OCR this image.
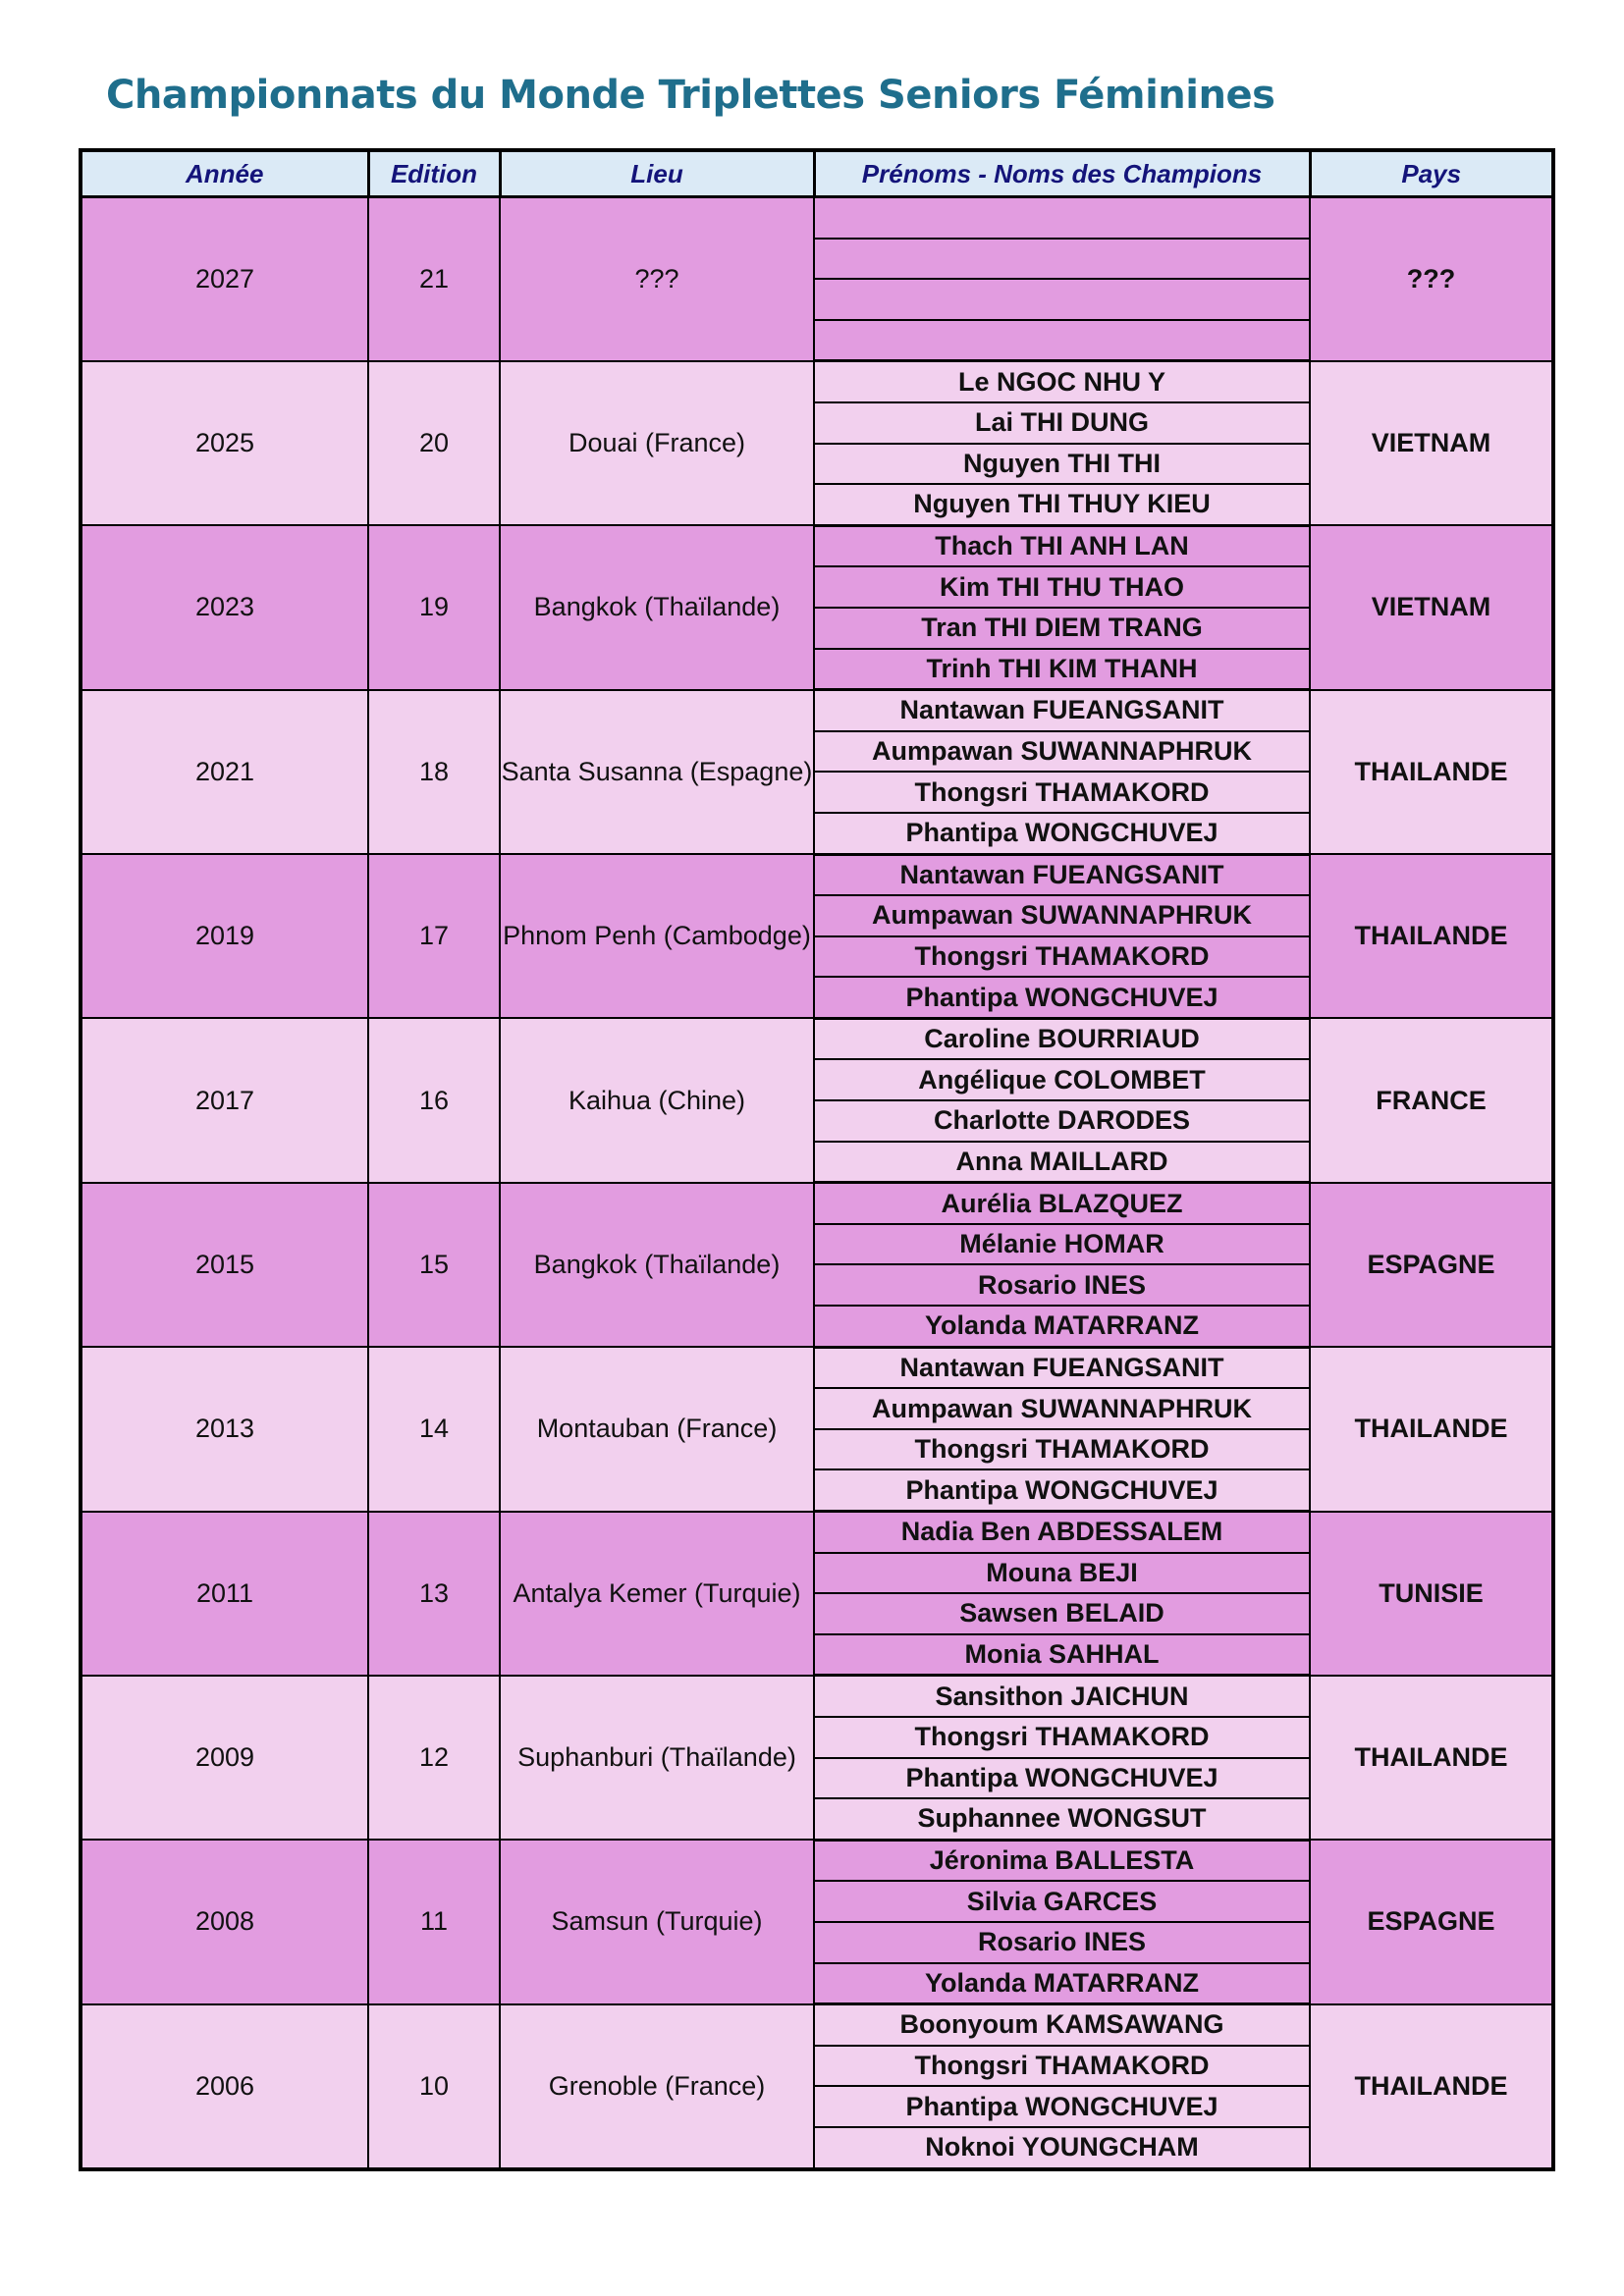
Championnats du Monde Triplettes Seniors Féminines
Année	Edition	Lieu	Prénoms - Noms des Champions	Pays
2027	21	???		???

2025	20	Douai (France)	Le NGOC NHU Y	VIETNAM
			Lai THI DUNG	
			Nguyen THI THI	
			Nguyen THI THUY KIEU	
2023	19	Bangkok (Thaïlande)	Thach THI ANH LAN	VIETNAM
			Kim THI THU THAO	
			Tran THI DIEM TRANG	
			Trinh THI KIM THANH	
2021	18	Santa Susanna (Espagne)	Nantawan FUEANGSANIT	THAILANDE
			Aumpawan SUWANNAPHRUK	
			Thongsri THAMAKORD	
			Phantipa WONGCHUVEJ	
2019	17	Phnom Penh (Cambodge)	Nantawan FUEANGSANIT	THAILANDE
			Aumpawan SUWANNAPHRUK	
			Thongsri THAMAKORD	
			Phantipa WONGCHUVEJ	
2017	16	Kaihua (Chine)	Caroline BOURRIAUD	FRANCE
			Angélique COLOMBET	
			Charlotte DARODES	
			Anna MAILLARD	
2015	15	Bangkok (Thaïlande)	Aurélia BLAZQUEZ	ESPAGNE
			Mélanie HOMAR	
			Rosario INES	
			Yolanda MATARRANZ	
2013	14	Montauban (France)	Nantawan FUEANGSANIT	THAILANDE
			Aumpawan SUWANNAPHRUK	
			Thongsri THAMAKORD	
			Phantipa WONGCHUVEJ	
2011	13	Antalya Kemer (Turquie)	Nadia Ben ABDESSALEM	TUNISIE
			Mouna BEJI	
			Sawsen BELAID	
			Monia SAHHAL	
2009	12	Suphanburi (Thaïlande)	Sansithon JAICHUN	THAILANDE
			Thongsri THAMAKORD	
			Phantipa WONGCHUVEJ	
			Suphannee WONGSUT	
2008	11	Samsun (Turquie)	Jéronima BALLESTA	ESPAGNE
			Silvia GARCES	
			Rosario INES	
			Yolanda MATARRANZ	
2006	10	Grenoble (France)	Boonyoum KAMSAWANG	THAILANDE
			Thongsri THAMAKORD	
			Phantipa WONGCHUVEJ	
			Noknoi YOUNGCHAM	
